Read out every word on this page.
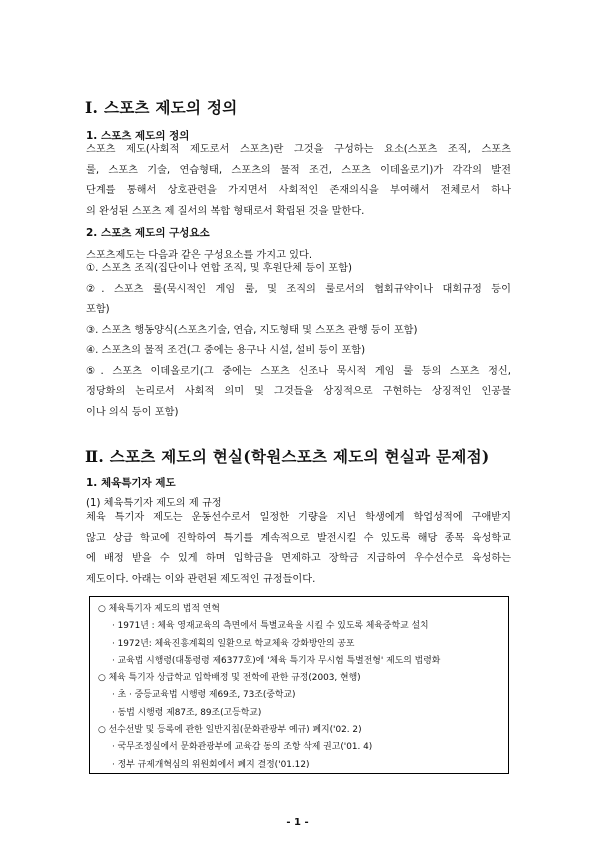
Ⅰ. 스포츠 제도의 정의
1. 스포츠 제도의 정의
스포츠 제도(사회적 제도로서 스포츠)란 그것을 구성하는 요소(스포츠 조직, 스포츠
룰, 스포츠 기술, 연습형태, 스포츠의 물적 조건, 스포츠 이데올로기)가 각각의 발전
단계를 통해서 상호관련을 가지면서 사회적인 존재의식을 부여해서 전체로서 하나
의 완성된 스포츠 제 질서의 복합 형태로서 확립된 것을 말한다.
2. 스포츠 제도의 구성요소
스포츠제도는 다음과 같은 구성요소를 가지고 있다.
①. 스포츠 조직(집단이나 연합 조직, 및 후원단체 등이 포함)
②. 스포츠 룰(묵시적인 게임 룰, 및 조직의 룰로서의 협회규약이나 대회규정 등이
포함)
③. 스포츠 행동양식(스포츠기술, 연습, 지도형태 및 스포츠 관행 등이 포함)
④. 스포츠의 물적 조건(그 중에는 용구나 시설, 설비 등이 포함)
⑤. 스포츠 이데올로기(그 중에는 스포츠 신조나 묵시적 게임 룰 등의 스포츠 정신,
정당화의 논리로서 사회적 의미 및 그것들을 상징적으로 구현하는 상징적인 인공물
이나 의식 등이 포함)
Ⅱ. 스포츠 제도의 현실(학원스포츠 제도의 현실과 문제점)
1. 체육특기자 제도
(1) 체육특기자 제도의 제 규정
체육 특기자 제도는 운동선수로서 일정한 기량을 지닌 학생에게 학업성적에 구애받지
않고 상급 학교에 진학하여 특기를 계속적으로 발전시킬 수 있도록 해당 종목 육성학교
에 배정 받을 수 있게 하며 입학금을 면제하고 장학금 지급하여 우수선수로 육성하는
제도이다. 아래는 이와 관련된 제도적인 규정들이다.
○ 체육특기자 제도의 법적 연혁
· 1971년 : 체육 영재교육의 측면에서 특별교육을 시킬 수 있도록 체육중학교 설치
· 1972년: 체육진흥계획의 일환으로 학교체육 강화방안의 공포
· 교육법 시행령(대통령령 제6377호)에 '체육 특기자 무시험 특별전형' 제도의 법령화
○ 체육 특기자 상급학교 입학배정 및 전학에 관한 규정(2003, 현행)
· 초 · 중등교육법 시행령 제69조, 73조(중학교)
· 동법 시행령 제87조, 89조(고등학교)
○ 선수선발 및 등록에 관한 일반지침(문화관광부 예규) 폐지('02. 2)
· 국무조정실에서 문화관광부에 교육감 동의 조항 삭제 권고('01. 4)
· 정부 규제개혁심의 위원회에서 폐지 결정('01.12)
- 1 -
